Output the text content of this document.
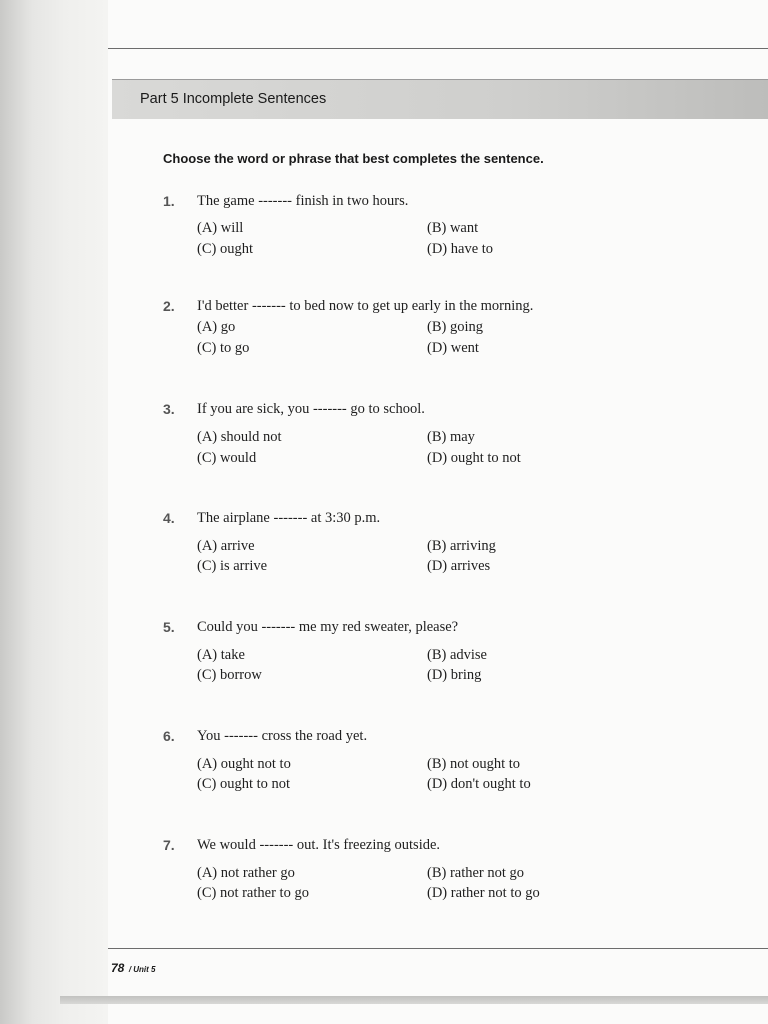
Part 5 Incomplete Sentences
Choose the word or phrase that best completes the sentence.
1. The game ------- finish in two hours.
(A) will	(B) want
(C) ought	(D) have to
2. I'd better ------- to bed now to get up early in the morning.
(A) go	(B) going
(C) to go	(D) went
3. If you are sick, you ------- go to school.
(A) should not	(B) may
(C) would	(D) ought to not
4. The airplane ------- at 3:30 p.m.
(A) arrive	(B) arriving
(C) is arrive	(D) arrives
5. Could you ------- me my red sweater, please?
(A) take	(B) advise
(C) borrow	(D) bring
6. You ------- cross the road yet.
(A) ought not to	(B) not ought to
(C) ought to not	(D) don't ought to
7. We would ------- out. It's freezing outside.
(A) not rather go	(B) rather not go
(C) not rather to go	(D) rather not to go
78 / Unit 5
